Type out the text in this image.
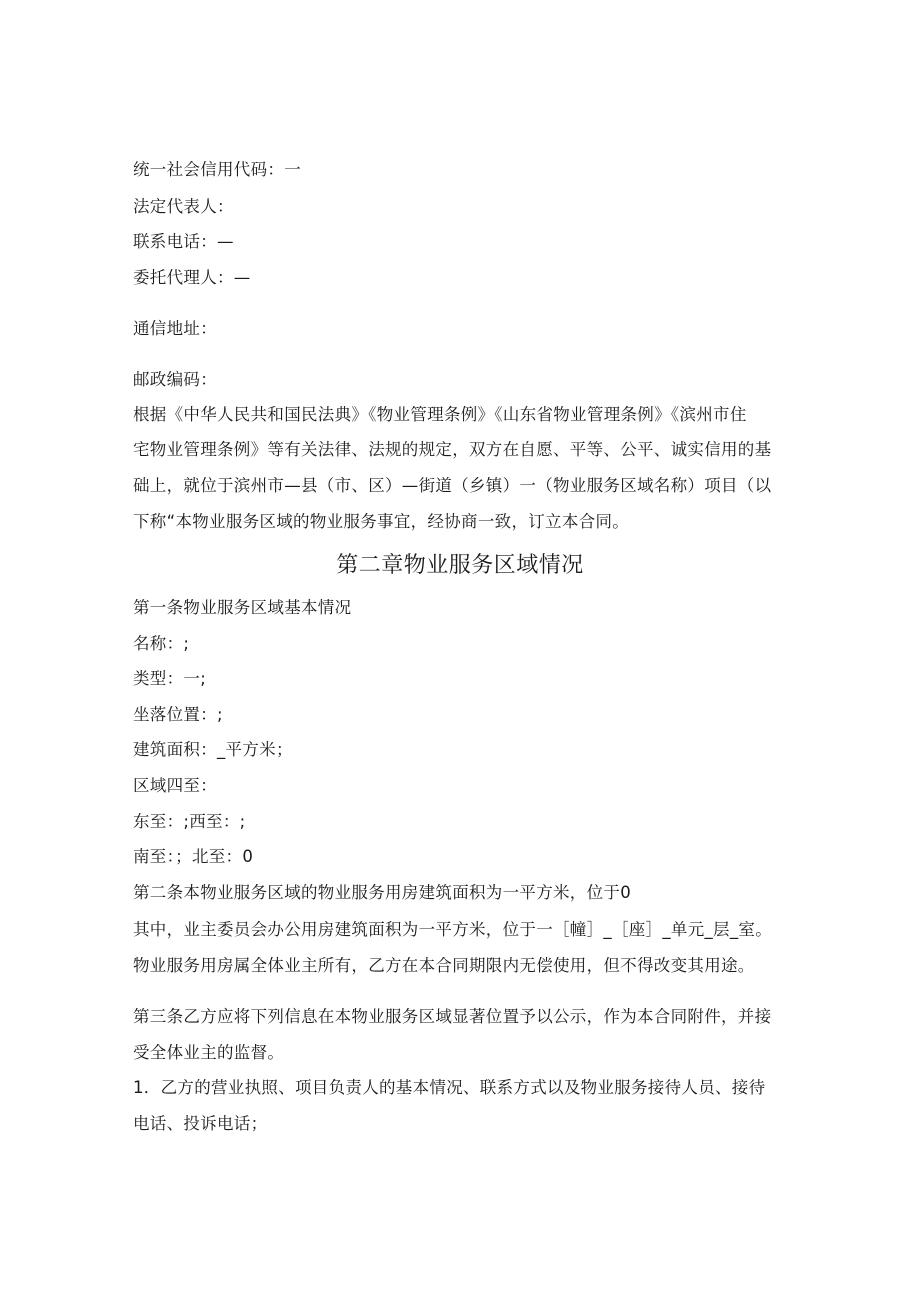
统一社会信用代码：一
法定代表人：
联系电话：—
委托代理人：—
通信地址：
邮政编码：
根据《中华人民共和国民法典》《物业管理条例》《山东省物业管理条例》《滨州市住
宅物业管理条例》等有关法律、法规的规定，双方在自愿、平等、公平、诚实信用的基
础上，就位于滨州市—县（市、区）—街道（乡镇）一（物业服务区域名称）项目（以
下称“本物业服务区域的物业服务事宜，经协商一致，订立本合同。
第二章物业服务区域情况
第一条物业服务区域基本情况
名称：;
类型：一;
坐落位置：;
建筑面积：_平方米；
区域四至：
东至：;西至：;
南至：；北至：0
第二条本物业服务区域的物业服务用房建筑面积为一平方米，位于0
其中，业主委员会办公用房建筑面积为一平方米，位于一［幢］_［座］_单元_层_室。
物业服务用房属全体业主所有，乙方在本合同期限内无偿使用，但不得改变其用途。
第三条乙方应将下列信息在本物业服务区域显著位置予以公示，作为本合同附件，并接
受全体业主的监督。
1．乙方的营业执照、项目负责人的基本情况、联系方式以及物业服务接待人员、接待
电话、投诉电话；
